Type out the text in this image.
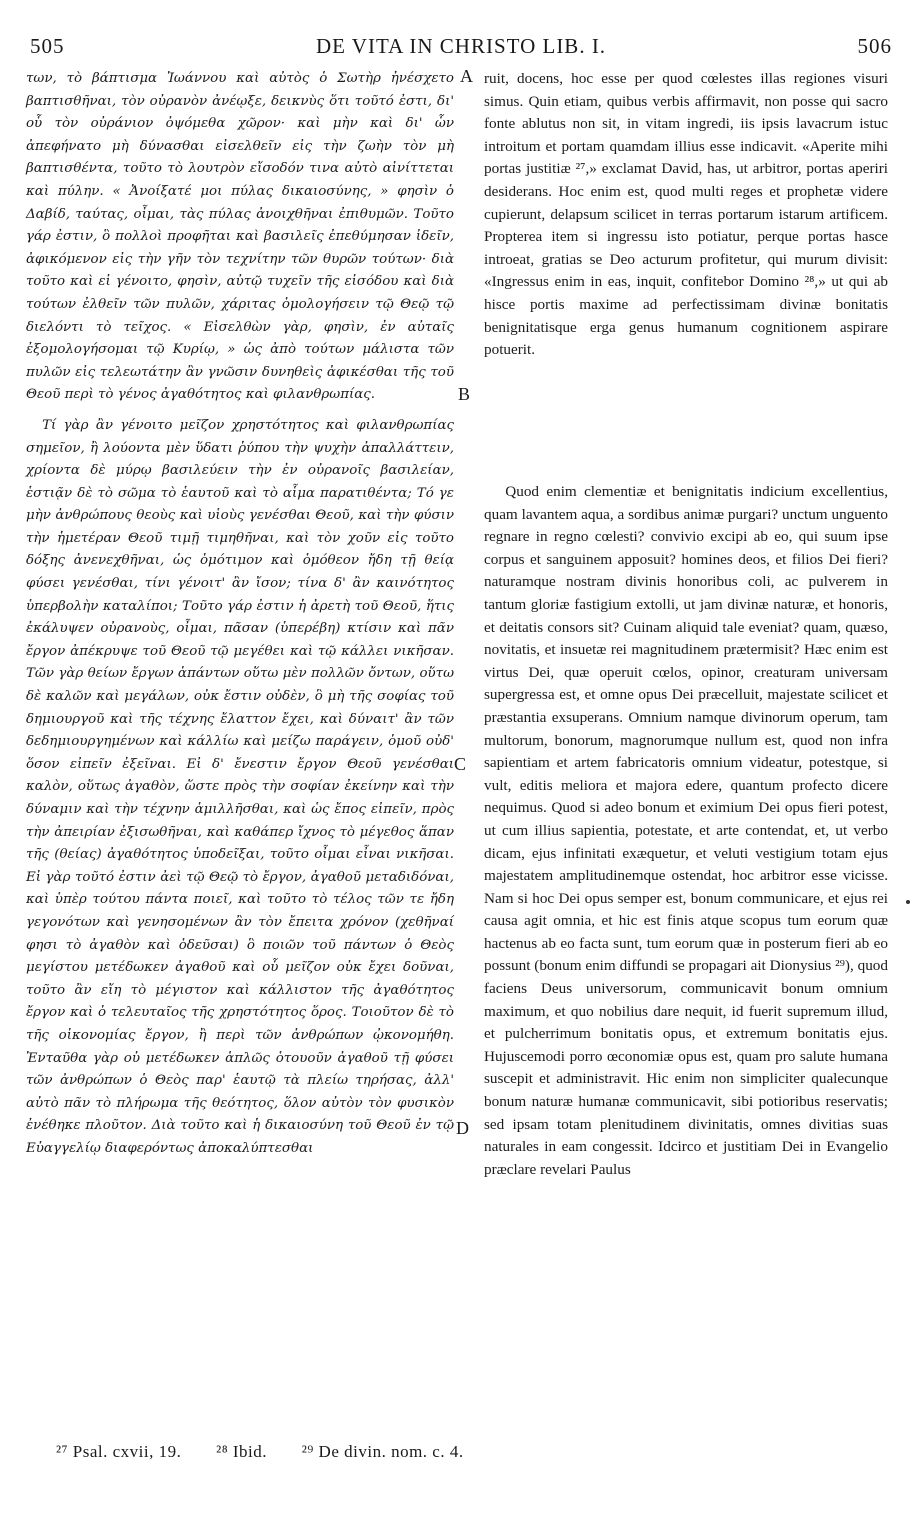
505	DE VITA IN CHRISTO LIB. I.	506

των, τὸ βάπτισμα Ἰωάννου καὶ αὐτὸς ὁ Σωτὴρ ἠνέσχετο βαπτισθῆναι, τὸν οὐρανὸν ἀνέῳξε, δεικνὺς ὅτι τοῦτό ἐστι, δι' οὗ τὸν οὐράνιον ὀψόμεθα χῶρον· καὶ μὴν καὶ δι' ὧν ἀπεφήνατο μὴ δύνασθαι εἰσελθεῖν εἰς τὴν ζωὴν τὸν μὴ βαπτισθέντα, τοῦτο τὸ λουτρὸν εἴσοδόν τινα αὐτὸ αἰνίττεται καὶ πύλην. « Ἀνοίξατέ μοι πύλας δικαιοσύνης, » φησὶν ὁ Δαβίδ, ταύτας, οἶμαι, τὰς πύλας ἀνοιχθῆναι ἐπιθυμῶν. Τοῦτο γάρ ἐστιν, ὃ πολλοὶ προφῆται καὶ βασιλεῖς ἐπεθύμησαν ἰδεῖν, ἀφικόμενον εἰς τὴν γῆν τὸν τεχνίτην τῶν θυρῶν τούτων· διὰ τοῦτο καὶ εἰ γένοιτο, φησὶν, αὐτῷ τυχεῖν τῆς εἰσόδου καὶ διὰ τούτων ἐλθεῖν τῶν πυλῶν, χάριτας ὁμολογήσειν τῷ Θεῷ τῷ διελόντι τὸ τεῖχος. « Εἰσελθὼν γὰρ, φησὶν, ἐν αὐταῖς ἐξομολογήσομαι τῷ Κυρίῳ, » ὡς ἀπὸ τούτων μάλιστα τῶν πυλῶν εἰς τελεωτάτην ἂν γνῶσιν δυνηθεὶς ἀφικέσθαι τῆς τοῦ Θεοῦ περὶ τὸ γένος ἀγαθότητος καὶ φιλανθρωπίας.

Τί γὰρ ἂν γένοιτο μεῖζον χρηστότητος καὶ φιλανθρωπίας σημεῖον, ἢ λούοντα μὲν ὕδατι ῥύπου τὴν ψυχὴν ἀπαλλάττειν, χρίοντα δὲ μύρῳ βασιλεύειν τὴν ἐν οὐρανοῖς βασιλείαν, ἑστιᾷν δὲ τὸ σῶμα τὸ ἑαυτοῦ καὶ τὸ αἷμα παρατιθέντα; Τό γε μὴν ἀνθρώπους θεοὺς καὶ υἱοὺς γενέσθαι Θεοῦ, καὶ τὴν φύσιν τὴν ἡμετέραν Θεοῦ τιμῇ τιμηθῆναι, καὶ τὸν χοῦν εἰς τοῦτο δόξης ἀνενεχθῆναι, ὡς ὁμότιμον καὶ ὁμόθεον ἤδη τῇ θείᾳ φύσει γενέσθαι, τίνι γένοιτ' ἂν ἴσον; τίνα δ' ἂν καινότητος ὑπερβολὴν καταλίποι; Τοῦτο γάρ ἐστιν ἡ ἀρετὴ τοῦ Θεοῦ, ἥτις ἐκάλυψεν οὐρανοὺς, οἶμαι, πᾶσαν (ὑπερέβη) κτίσιν καὶ πᾶν ἔργον ἀπέκρυψε τοῦ Θεοῦ τῷ μεγέθει καὶ τῷ κάλλει νικῆσαν. Τῶν γὰρ θείων ἔργων ἁπάντων οὕτω μὲν πολλῶν ὄντων, οὕτω δὲ καλῶν καὶ μεγάλων, οὐκ ἔστιν οὐδὲν, ὃ μὴ τῆς σοφίας τοῦ δημιουργοῦ καὶ τῆς τέχνης ἔλαττον ἔχει, καὶ δύναιτ' ἂν τῶν δεδημιουργημένων καὶ κάλλίω καὶ μείζω παράγειν, ὁμοῦ οὐδ' ὅσον εἰπεῖν ἐξεῖναι. Εἰ δ' ἔνεστιν ἔργον Θεοῦ γενέσθαι καλὸν, οὕτως ἀγαθὸν, ὥστε πρὸς τὴν σοφίαν ἐκείνην καὶ τὴν δύναμιν καὶ τὴν τέχνην ἁμιλλῆσθαι, καὶ ὡς ἔπος εἰπεῖν, πρὸς τὴν ἀπειρίαν ἐξισωθῆναι, καὶ καθάπερ ἴχνος τὸ μέγεθος ἅπαν τῆς (θείας) ἀγαθότητος ὑποδεῖξαι, τοῦτο οἶμαι εἶναι νικῆσαι. Εἰ γὰρ τοῦτό ἐστιν ἀεὶ τῷ Θεῷ τὸ ἔργον, ἀγαθοῦ μεταδιδόναι, καὶ ὑπὲρ τούτου πάντα ποιεῖ, καὶ τοῦτο τὸ τέλος τῶν τε ἤδη γεγονότων καὶ γενησομένων ἂν τὸν ἔπειτα χρόνον (χεθῆναί φησι τὸ ἀγαθὸν καὶ ὁδεῦσαι) ὃ ποιῶν τοῦ πάντων ὁ Θεὸς μεγίστου μετέδωκεν ἀγαθοῦ καὶ οὗ μεῖζον οὐκ ἔχει δοῦναι, τοῦτο ἂν εἴη τὸ μέγιστον καὶ κάλλιστον τῆς ἀγαθότητος ἔργον καὶ ὁ τελευταῖος τῆς χρηστότητος ὅρος. Τοιοῦτον δὲ τὸ τῆς οἰκονομίας ἔργον, ἢ περὶ τῶν ἀνθρώπων ᾠκονομήθη. Ἐνταῦθα γὰρ οὐ μετέδωκεν ἁπλῶς ὁτουοῦν ἀγαθοῦ τῇ φύσει τῶν ἀνθρώπων ὁ Θεὸς παρ' ἑαυτῷ τὰ πλείω τηρήσας, ἀλλ' αὐτὸ πᾶν τὸ πλήρωμα τῆς θεότητος, ὅλον αὐτὸν τὸν φυσικὸν ἐνέθηκε πλοῦτον. Διὰ τοῦτο καὶ ἡ δικαιοσύνη τοῦ Θεοῦ ἐν τῷ Εὐαγγελίῳ διαφερόντως ἀποκαλύπτεσθαι

ruit, docens, hoc esse per quod cœlestes illas regiones visuri simus. Quin etiam, quibus verbis affirmavit, non posse qui sacro fonte ablutus non sit, in vitam ingredi, iis ipsis lavacrum istuc introitum et portam quamdam illius esse indicavit. «Aperite mihi portas justitiæ ²⁷,» exclamat David, has, ut arbitror, portas aperiri desiderans. Hoc enim est, quod multi reges et prophetæ videre cupierunt, delapsum scilicet in terras portarum istarum artificem. Propterea item si ingressu isto potiatur, perque portas hasce introeat, gratias se Deo acturum profitetur, qui murum divisit: «Ingressus enim in eas, inquit, confitebor Domino ²⁸,» ut qui ab hisce portis maxime ad perfectissimam divinæ bonitatis benignitatisque erga genus humanum cognitionem aspirare potuerit.

Quod enim clementiæ et benignitatis indicium excellentius, quam lavantem aqua, a sordibus animæ purgari? unctum unguento regnare in regno cœlesti? convivio excipi ab eo, qui suum ipse corpus et sanguinem apposuit? homines deos, et filios Dei fieri? naturamque nostram divinis honoribus coli, ac pulverem in tantum gloriæ fastigium extolli, ut jam divinæ naturæ, et honoris, et deitatis consors sit? Cuinam aliquid tale eveniat? quam, quæso, novitatis, et insuetæ rei magnitudinem prætermisit? Hæc enim est virtus Dei, quæ operuit cœlos, opinor, creaturam universam supergressa est, et omne opus Dei præcelluit, majestate scilicet et præstantia exsuperans. Omnium namque divinorum operum, tam multorum, bonorum, magnorumque nullum est, quod non infra sapientiam et artem fabricatoris omnium videatur, potestque, si vult, editis meliora et majora edere, quantum profecto dicere nequimus. Quod si adeo bonum et eximium Dei opus fieri potest, ut cum illius sapientia, potestate, et arte contendat, et, ut verbo dicam, ejus infinitati exæquetur, et veluti vestigium totam ejus majestatem amplitudinemque ostendat, hoc arbitror esse vicisse. Nam si hoc Dei opus semper est, bonum communicare, et ejus rei causa agit omnia, et hic est finis atque scopus tum eorum quæ hactenus ab eo facta sunt, tum eorum quæ in posterum fieri ab eo possunt (bonum enim diffundi se propagari ait Dionysius ²⁹), quod faciens Deus universorum, communicavit bonum omnium maximum, et quo nobilius dare nequit, id fuerit supremum illud, et pulcherrimum bonitatis opus, et extremum bonitatis ejus. Hujuscemodi porro œconomiæ opus est, quam pro salute humana suscepit et administravit. Hic enim non simpliciter qualecunque bonum naturæ humanæ communicavit, sibi potioribus reservatis; sed ipsam totam plenitudinem divinitatis, omnes divitias suas naturales in eam congessit. Idcirco et justitiam Dei in Evangelio præclare revelari Paulus

A
B
C
D
²⁷ Psal. cxvii, 19. ²⁸ Ibid. ²⁹ De divin. nom. c. 4.
